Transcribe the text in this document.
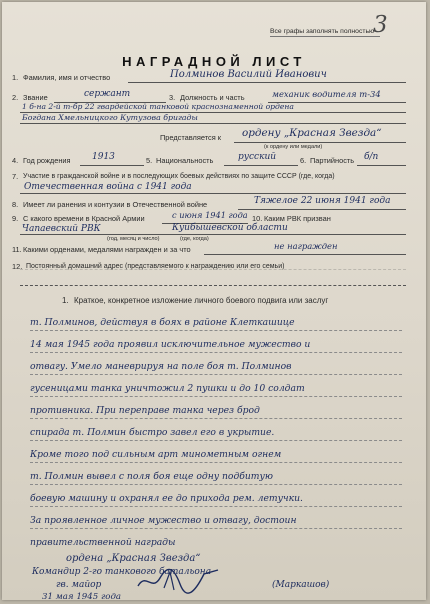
Все графы заполнять полностью
3
НАГРАДНОЙ ЛИСТ
1. Фамилия, имя и отчество	Полминов Василий Иванович
2. Звание	сержант	3. Должность и часть	механик водителя т-34
1 б-на 2-й т-бр 22 гвардейской танковой краснознаменной ордена
Богдана Хмельницкого Кутузова бригады
Представляется к ордену „Красная Звезда“
(к ордену или медали)
4. Год рождения 1913	5. Национальность	русский	6. Партийность б/п
7. Участие в гражданской войне и в последующих боевых действиях по защите СССР (где, когда)
Отечественная война с 1941 года
8. Имеет ли ранения и контузии в Отечественной войне	Тяжелое 22 июня 1941 года
9. С какого времени в Красной Армии	с июня 1941 года 10. Каким РВК призван
Чапаевский РВК	Куйбышевской области
(год, месяц и число)	(где, когда)
11. Какими орденами, медалями награжден и за что	не награжден
12. Постоянный домашний адрес (представляемого к награждению или его семьи)
1. Краткое, конкретное изложение личного боевого подвига или заслуг
т. Полминов, действуя в боях в районе Клеткашице
14 мая 1945 года проявил исключительное мужество и
отвагу. Умело маневрируя на поле боя т. Полминов
гусеницами танка уничтожил 2 пушки и до 10 солдат
противника. При переправе танка через брод
спирада т. Полмин быстро завел его в укрытие.
Кроме того под сильным арт минометным огнем
т. Полмин вывел с поля боя еще одну подбитую
боевую машину и охранял ее до прихода рем. летучки.
За проявленное личное мужество и отвагу, достоин
правительственной награды
ордена „Красная Звезда“
Командир 2-го танкового батальона
гв. майор	(Маркашов)
31 мая 1945 года
